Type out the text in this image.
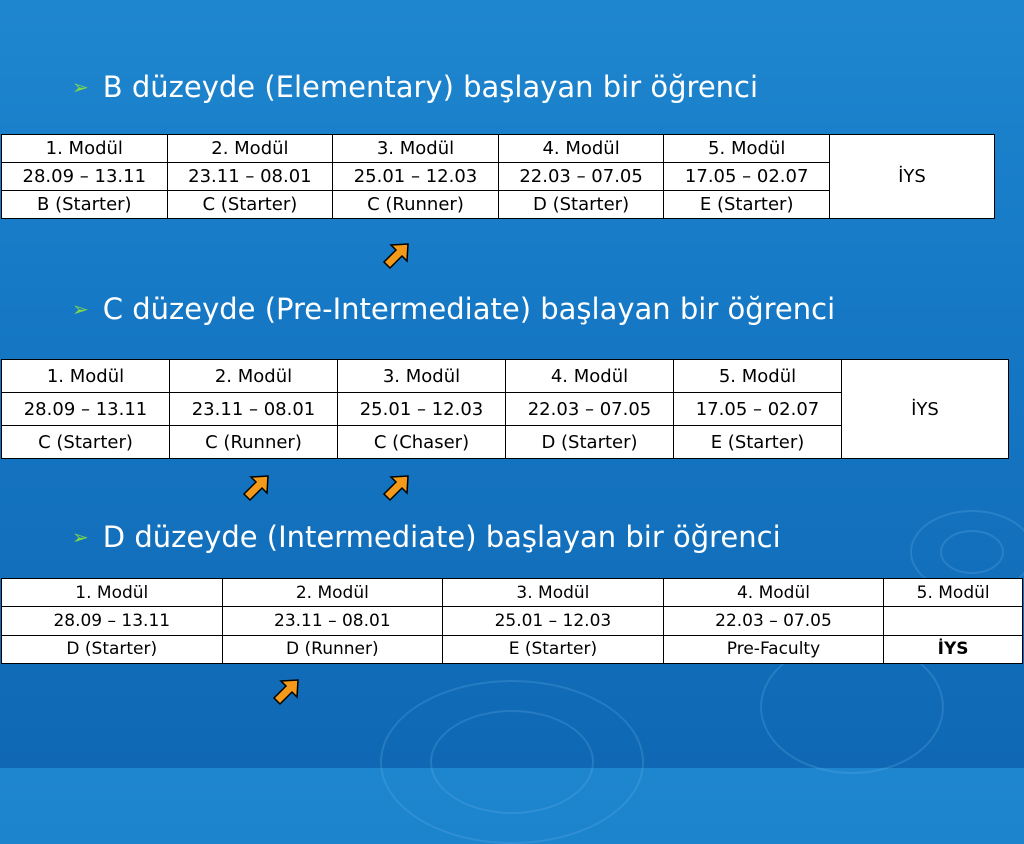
➢ B düzeyde (Elementary) başlayan bir öğrenci
1. Modül	2. Modül	3. Modül	4. Modül	5. Modül	İYS
28.09 – 13.11	23.11 – 08.01	25.01 – 12.03	22.03 – 07.05	17.05 – 02.07	
B (Starter)	C (Starter)	C (Runner)	D (Starter)	E (Starter)	
➢ C düzeyde (Pre-Intermediate) başlayan bir öğrenci
1. Modül	2. Modül	3. Modül	4. Modül	5. Modül	İYS
28.09 – 13.11	23.11 – 08.01	25.01 – 12.03	22.03 – 07.05	17.05 – 02.07	
C (Starter)	C (Runner)	C (Chaser)	D (Starter)	E (Starter)	
➢ D düzeyde (Intermediate) başlayan bir öğrenci
1. Modül	2. Modül	3. Modül	4. Modül	5. Modül
28.09 – 13.11	23.11 – 08.01	25.01 – 12.03	22.03 – 07.05	
D (Starter)	D (Runner)	E (Starter)	Pre-Faculty	İYS
